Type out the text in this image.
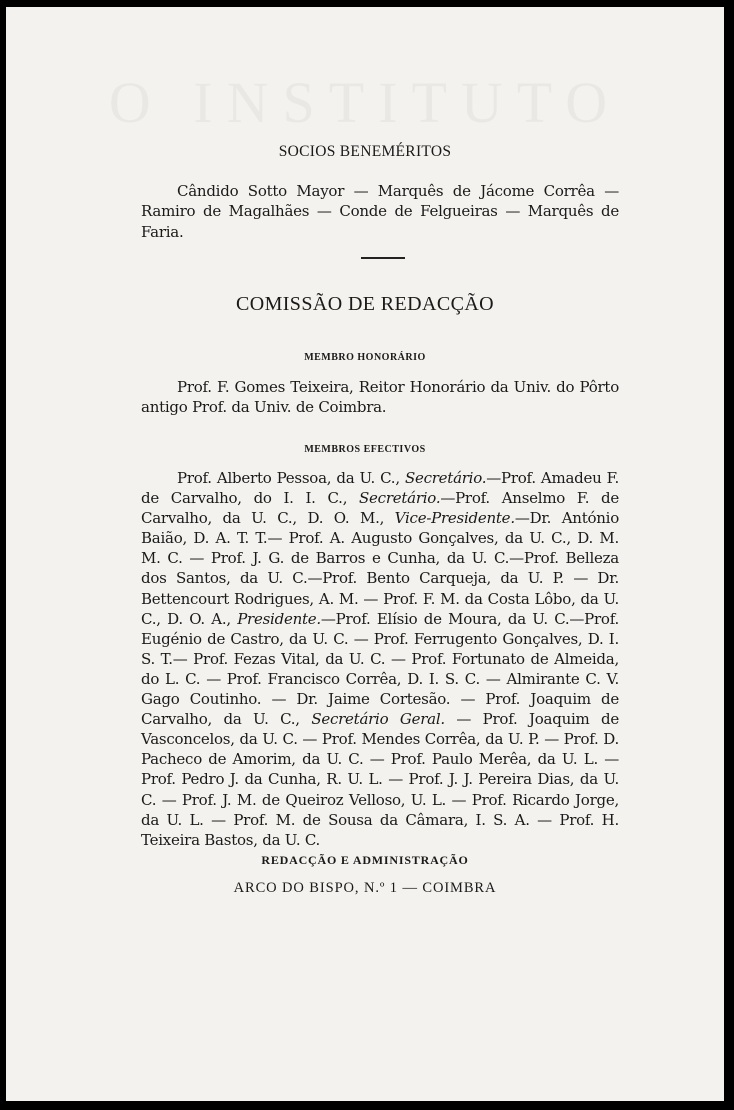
O INSTITUTO
SOCIOS BENEMÉRITOS

Cândido Sotto Mayor — Marquês de Jácome Corrêa — Ramiro de Magalhães — Conde de Felgueiras — Marquês de Faria.

COMISSÃO DE REDACÇÃO
MEMBRO HONORÁRIO

Prof. F. Gomes Teixeira, Reitor Honorário da Univ. do Pôrto antigo Prof. da Univ. de Coimbra.

MEMBROS EFECTIVOS

Prof. Alberto Pessoa, da U. C., Secretário.—Prof. Amadeu F. de Carvalho, do I. I. C., Secretário.—Prof. Anselmo F. de Carvalho, da U. C., D. O. M., Vice-Presidente.—Dr. António Baião, D. A. T. T.— Prof. A. Augusto Gonçalves, da U. C., D. M. M. C. — Prof. J. G. de Barros e Cunha, da U. C.—Prof. Belleza dos Santos, da U. C.—Prof. Bento Carqueja, da U. P. — Dr. Bettencourt Rodrigues, A. M. — Prof. F. M. da Costa Lôbo, da U. C., D. O. A., Presidente.—Prof. Elísio de Moura, da U. C.—Prof. Eugénio de Castro, da U. C. — Prof. Ferrugento Gonçalves, D. I. S. T.— Prof. Fezas Vital, da U. C. — Prof. Fortunato de Almeida, do L. C. — Prof. Francisco Corrêa, D. I. S. C. — Almirante C. V. Gago Coutinho. — Dr. Jaime Cortesão. — Prof. Joaquim de Carvalho, da U. C., Secretário Geral. — Prof. Joaquim de Vasconcelos, da U. C. — Prof. Mendes Corrêa, da U. P. — Prof. D. Pacheco de Amorim, da U. C. — Prof. Paulo Merêa, da U. L. — Prof. Pedro J. da Cunha, R. U. L. — Prof. J. J. Pereira Dias, da U. C. — Prof. J. M. de Queiroz Velloso, U. L. — Prof. Ricardo Jorge, da U. L. — Prof. M. de Sousa da Câmara, I. S. A. — Prof. H. Teixeira Bastos, da U. C.

REDACÇÃO E ADMINISTRAÇÃO
ARCO DO BISPO, N.º 1 — COIMBRA
